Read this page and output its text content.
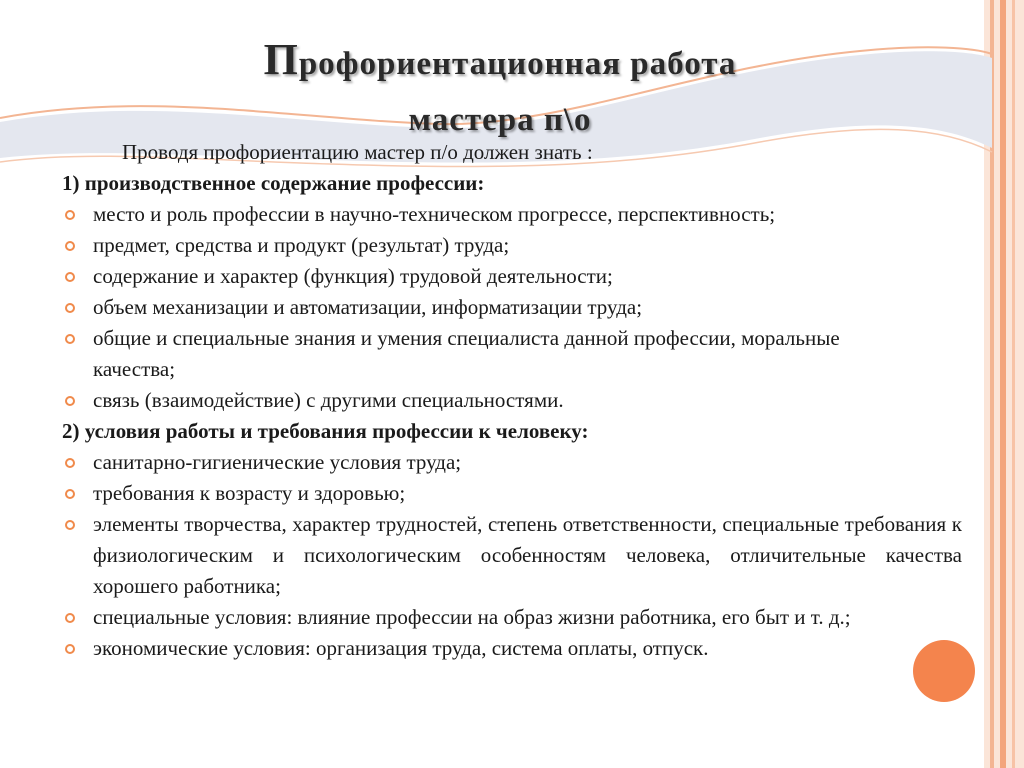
Профориентационная работа
мастера п\о

Проводя профориентацию мастер п/о должен знать :

1) производственное содержание профессии:

место и роль профессии в научно-техническом прогрессе, перспективность;
предмет, средства и продукт (результат) труда;
содержание и характер (функция) трудовой деятельности;
объем механизации и автоматизации, информатизации труда;
общие и специальные знания и умения специалиста данной профессии, моральные качества;
связь (взаимодействие) с другими специальностями.

2) условия работы и требования профессии к человеку:

санитарно-гигиенические условия труда;
требования к возрасту и здоровью;
элементы творчества, характер трудностей, степень ответственности, специальные требования к физиологическим и психологическим особенностям человека, отличительные качества хорошего работника;
специальные условия: влияние профессии на образ жизни работника, его быт и т. д.;
экономические условия: организация труда, система оплаты, отпуск.
